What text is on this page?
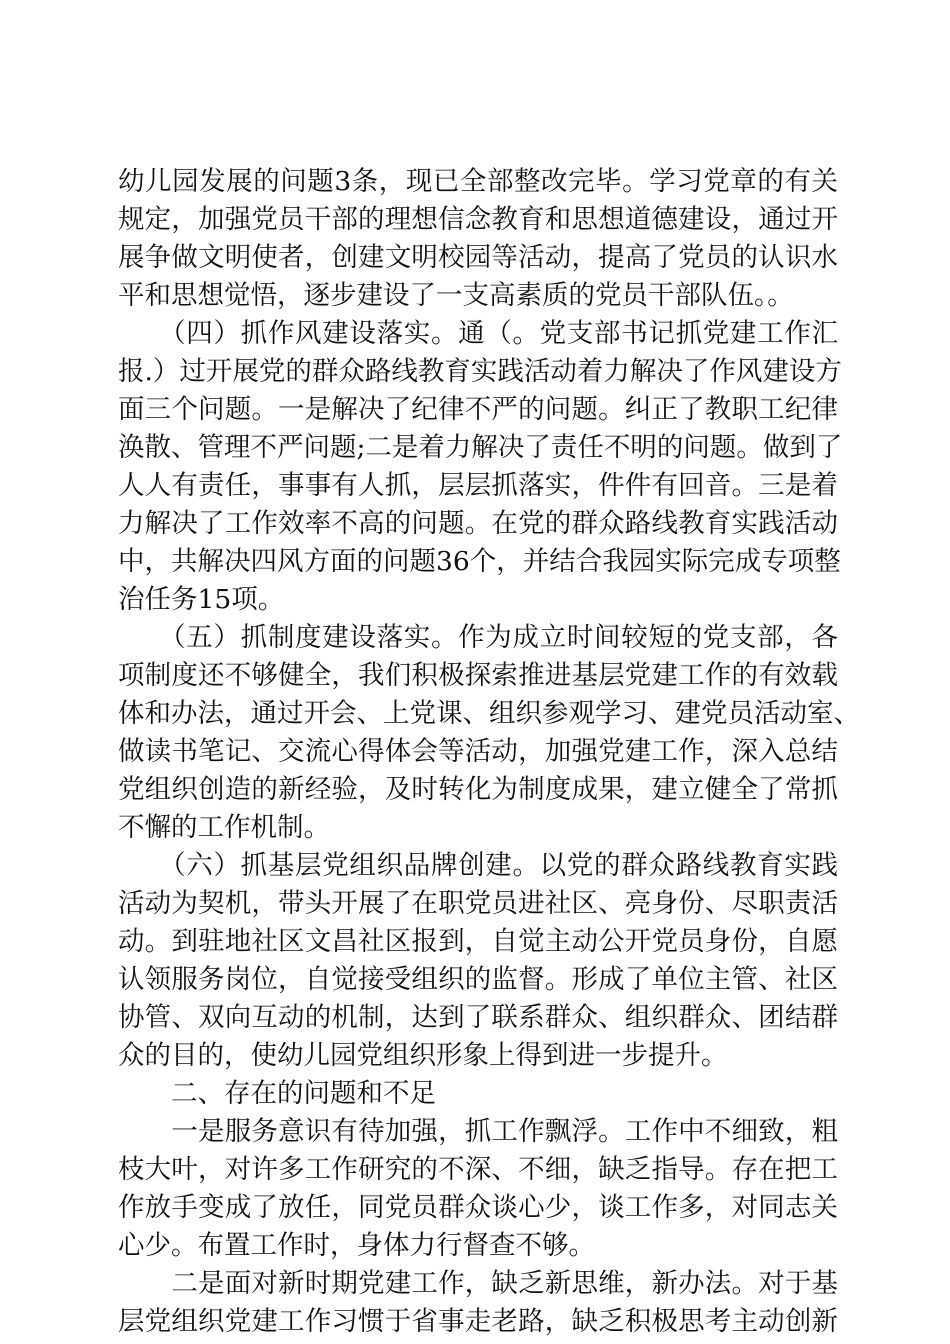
幼儿园发展的问题3条，现已全部整改完毕。学习党章的有关
规定，加强党员干部的理想信念教育和思想道德建设，通过开
展争做文明使者，创建文明校园等活动，提高了党员的认识水
平和思想觉悟，逐步建设了一支高素质的党员干部队伍。。
　　（四）抓作风建设落实。通（。党支部书记抓党建工作汇
报.）过开展党的群众路线教育实践活动着力解决了作风建设方
面三个问题。一是解决了纪律不严的问题。纠正了教职工纪律
涣散、管理不严问题;二是着力解决了责任不明的问题。做到了
人人有责任，事事有人抓，层层抓落实，件件有回音。三是着
力解决了工作效率不高的问题。在党的群众路线教育实践活动
中，共解决四风方面的问题36个，并结合我园实际完成专项整
治任务15项。
　　（五）抓制度建设落实。作为成立时间较短的党支部，各
项制度还不够健全，我们积极探索推进基层党建工作的有效载
体和办法，通过开会、上党课、组织参观学习、建党员活动室、
做读书笔记、交流心得体会等活动，加强党建工作，深入总结
党组织创造的新经验，及时转化为制度成果，建立健全了常抓
不懈的工作机制。
　　（六）抓基层党组织品牌创建。以党的群众路线教育实践
活动为契机，带头开展了在职党员进社区、亮身份、尽职责活
动。到驻地社区文昌社区报到，自觉主动公开党员身份，自愿
认领服务岗位，自觉接受组织的监督。形成了单位主管、社区
协管、双向互动的机制，达到了联系群众、组织群众、团结群
众的目的，使幼儿园党组织形象上得到进一步提升。
　　二、存在的问题和不足
　　一是服务意识有待加强，抓工作飘浮。工作中不细致，粗
枝大叶，对许多工作研究的不深、不细，缺乏指导。存在把工
作放手变成了放任，同党员群众谈心少，谈工作多，对同志关
心少。布置工作时，身体力行督查不够。
　　二是面对新时期党建工作，缺乏新思维，新办法。对于基
层党组织党建工作习惯于省事走老路，缺乏积极思考主动创新
